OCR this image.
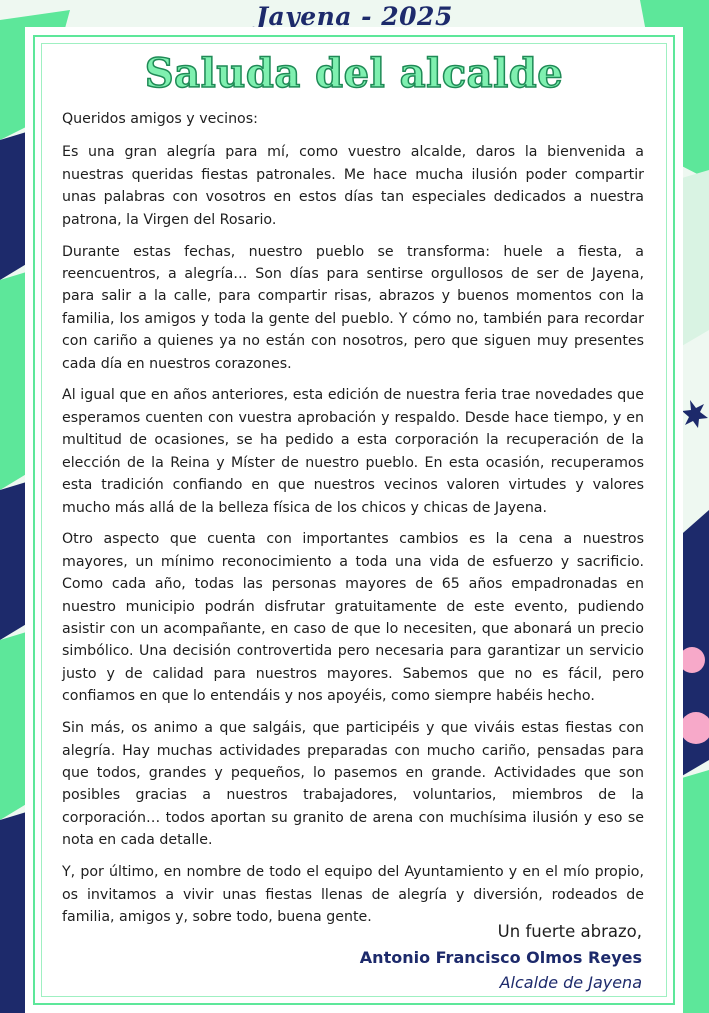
Jayena - 2025
Saluda del alcalde

Queridos amigos y vecinos:

Es una gran alegría para mí, como vuestro alcalde, daros la bienvenida a nuestras queridas fiestas patronales. Me hace mucha ilusión poder compartir unas palabras con vosotros en estos días tan especiales dedicados a nuestra patrona, la Virgen del Rosario.

Durante estas fechas, nuestro pueblo se transforma: huele a fiesta, a reencuentros, a alegría… Son días para sentirse orgullosos de ser de Jayena, para salir a la calle, para compartir risas, abrazos y buenos momentos con la familia, los amigos y toda la gente del pueblo. Y cómo no, también para recordar con cariño a quienes ya no están con nosotros, pero que siguen muy presentes cada día en nuestros corazones.

Al igual que en años anteriores, esta edición de nuestra feria trae novedades que esperamos cuenten con vuestra aprobación y respaldo. Desde hace tiempo, y en multitud de ocasiones, se ha pedido a esta corporación la recuperación de la elección de la Reina y Míster de nuestro pueblo. En esta ocasión, recuperamos esta tradición confiando en que nuestros vecinos valoren virtudes y valores mucho más allá de la belleza física de los chicos y chicas de Jayena.

Otro aspecto que cuenta con importantes cambios es la cena a nuestros mayores, un mínimo reconocimiento a toda una vida de esfuerzo y sacrificio. Como cada año, todas las personas mayores de 65 años empadronadas en nuestro municipio podrán disfrutar gratuitamente de este evento, pudiendo asistir con un acompañante, en caso de que lo necesiten, que abonará un precio simbólico. Una decisión controvertida pero necesaria para garantizar un servicio justo y de calidad para nuestros mayores. Sabemos que no es fácil, pero confiamos en que lo entendáis y nos apoyéis, como siempre habéis hecho.

Sin más, os animo a que salgáis, que participéis y que viváis estas fiestas con alegría. Hay muchas actividades preparadas con mucho cariño, pensadas para que todos, grandes y pequeños, lo pasemos en grande. Actividades que son posibles gracias a nuestros trabajadores, voluntarios, miembros de la corporación… todos aportan su granito de arena con muchísima ilusión y eso se nota en cada detalle.

Y, por último, en nombre de todo el equipo del Ayuntamiento y en el mío propio, os invitamos a vivir unas fiestas llenas de alegría y diversión, rodeados de familia, amigos y, sobre todo, buena gente.

Un fuerte abrazo,
Antonio Francisco Olmos Reyes
Alcalde de Jayena
